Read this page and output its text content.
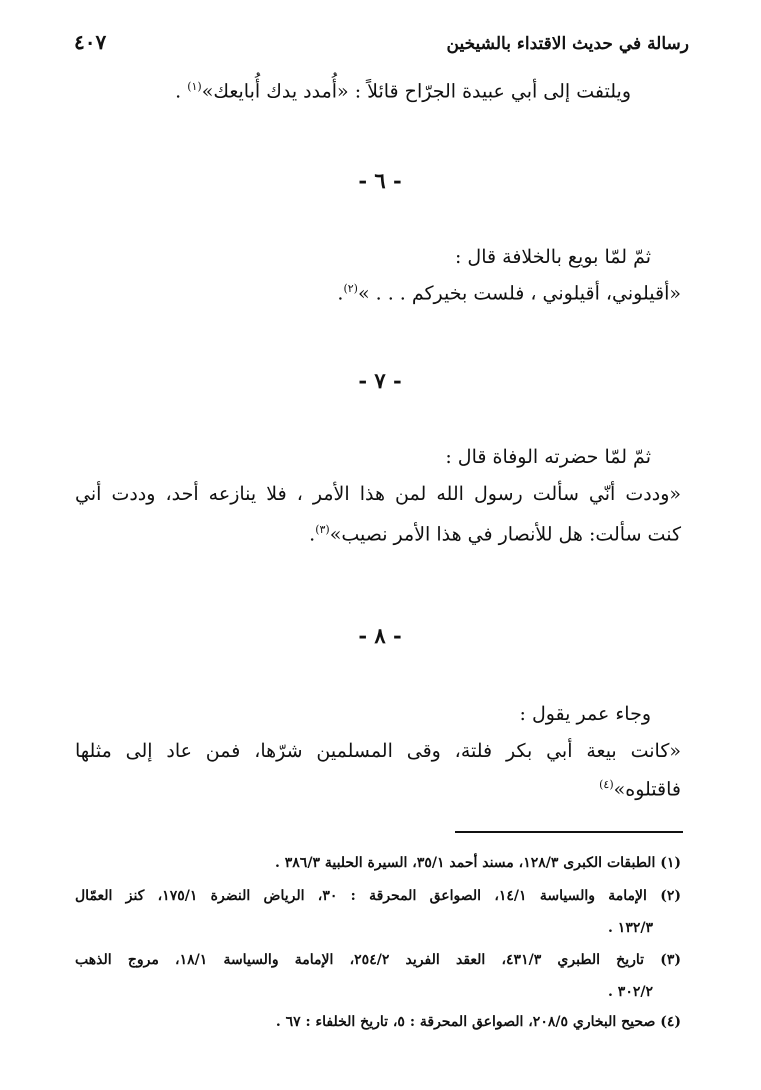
رسالة في حديث الاقتداء بالشيخين
٤٠٧

ويلتفت إلى أبي عبيدة الجرّاح قائلاً : «أُمدد يدك أُبايعك»$^{(١)}$ .

- ٦ -

ثمّ لمّا بويع بالخلافة قال :

«أقيلوني، أقيلوني ، فلست بخيركم . . . »$^{(٢)}$.

- ٧ -

ثمّ لمّا حضرته الوفاة قال :

«وددت أنّي سألت رسول الله لمن هذا الأمر ، فلا ينازعه أحد، وددت أني

كنت سألت: هل للأنصار في هذا الأمر نصيب»$^{(٣)}$.

- ٨ -

وجاء عمر يقول :

«كانت بيعة أبي بكر فلتة، وقى المسلمين شرّها، فمن عاد إلى مثلها

فاقتلوه»$^{(٤)}$

(١) الطبقات الكبرى ١٢٨/٣، مسند أحمد ٣٥/١، السيرة الحلبية ٣٨٦/٣ .

(٢) الإمامة والسياسة ١٤/١، الصواعق المحرقة : ٣٠، الرياض النضرة ١٧٥/١، كنز العمّال

١٣٢/٣ .

(٣) تاريخ الطبري ٤٣١/٣، العقد الفريد ٢٥٤/٢، الإمامة والسياسة ١٨/١، مروج الذهب

٣٠٢/٢ .

(٤) صحيح البخاري ٢٠٨/٥، الصواعق المحرقة : ٥، تاريخ الخلفاء : ٦٧ .
